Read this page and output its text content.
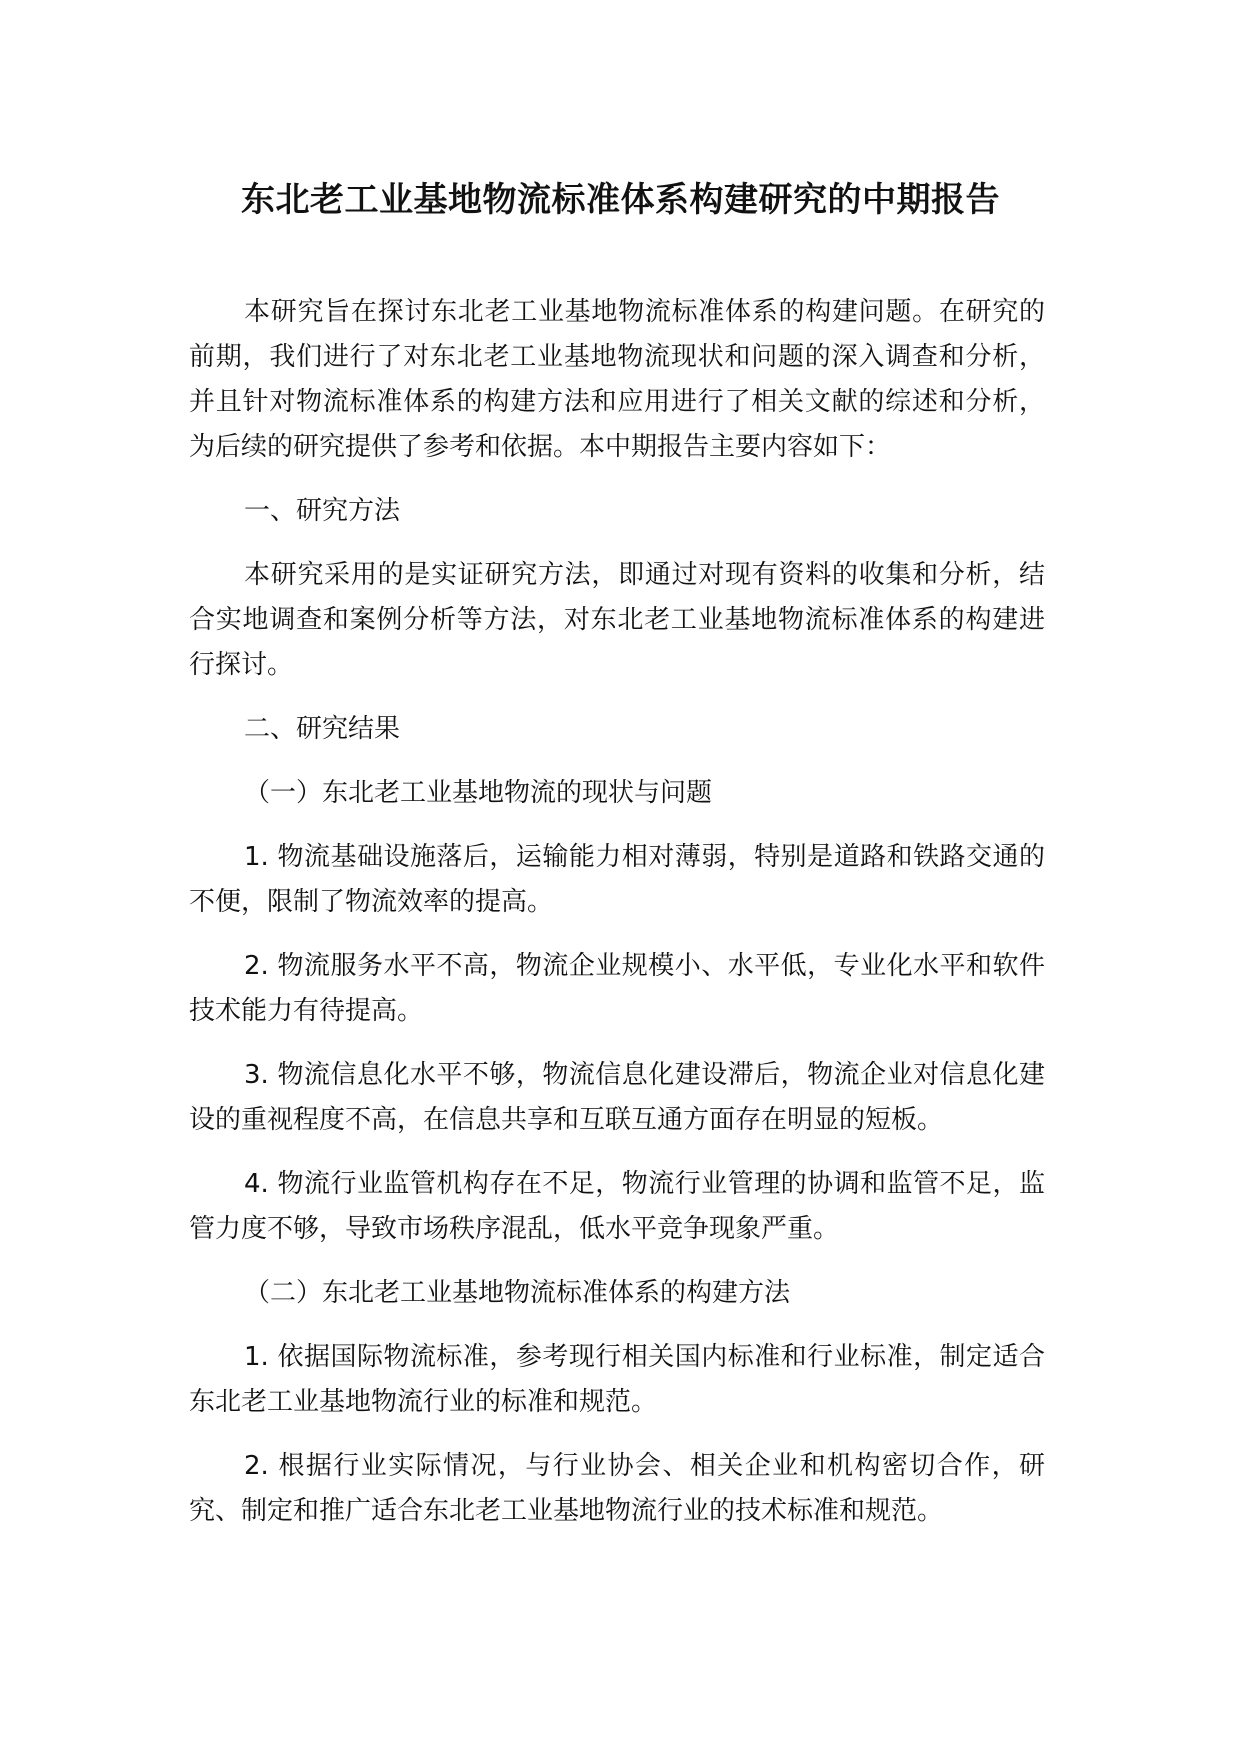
东北老工业基地物流标准体系构建研究的中期报告

本研究旨在探讨东北老工业基地物流标准体系的构建问题。在研究的前期，我们进行了对东北老工业基地物流现状和问题的深入调查和分析，并且针对物流标准体系的构建方法和应用进行了相关文献的综述和分析，为后续的研究提供了参考和依据。本中期报告主要内容如下：

一、研究方法

本研究采用的是实证研究方法，即通过对现有资料的收集和分析，结合实地调查和案例分析等方法，对东北老工业基地物流标准体系的构建进行探讨。

二、研究结果

（一）东北老工业基地物流的现状与问题

1. 物流基础设施落后，运输能力相对薄弱，特别是道路和铁路交通的不便，限制了物流效率的提高。

2. 物流服务水平不高，物流企业规模小、水平低，专业化水平和软件技术能力有待提高。

3. 物流信息化水平不够，物流信息化建设滞后，物流企业对信息化建设的重视程度不高，在信息共享和互联互通方面存在明显的短板。

4. 物流行业监管机构存在不足，物流行业管理的协调和监管不足，监管力度不够，导致市场秩序混乱，低水平竞争现象严重。

（二）东北老工业基地物流标准体系的构建方法

1. 依据国际物流标准，参考现行相关国内标准和行业标准，制定适合东北老工业基地物流行业的标准和规范。

2. 根据行业实际情况，与行业协会、相关企业和机构密切合作，研究、制定和推广适合东北老工业基地物流行业的技术标准和规范。
